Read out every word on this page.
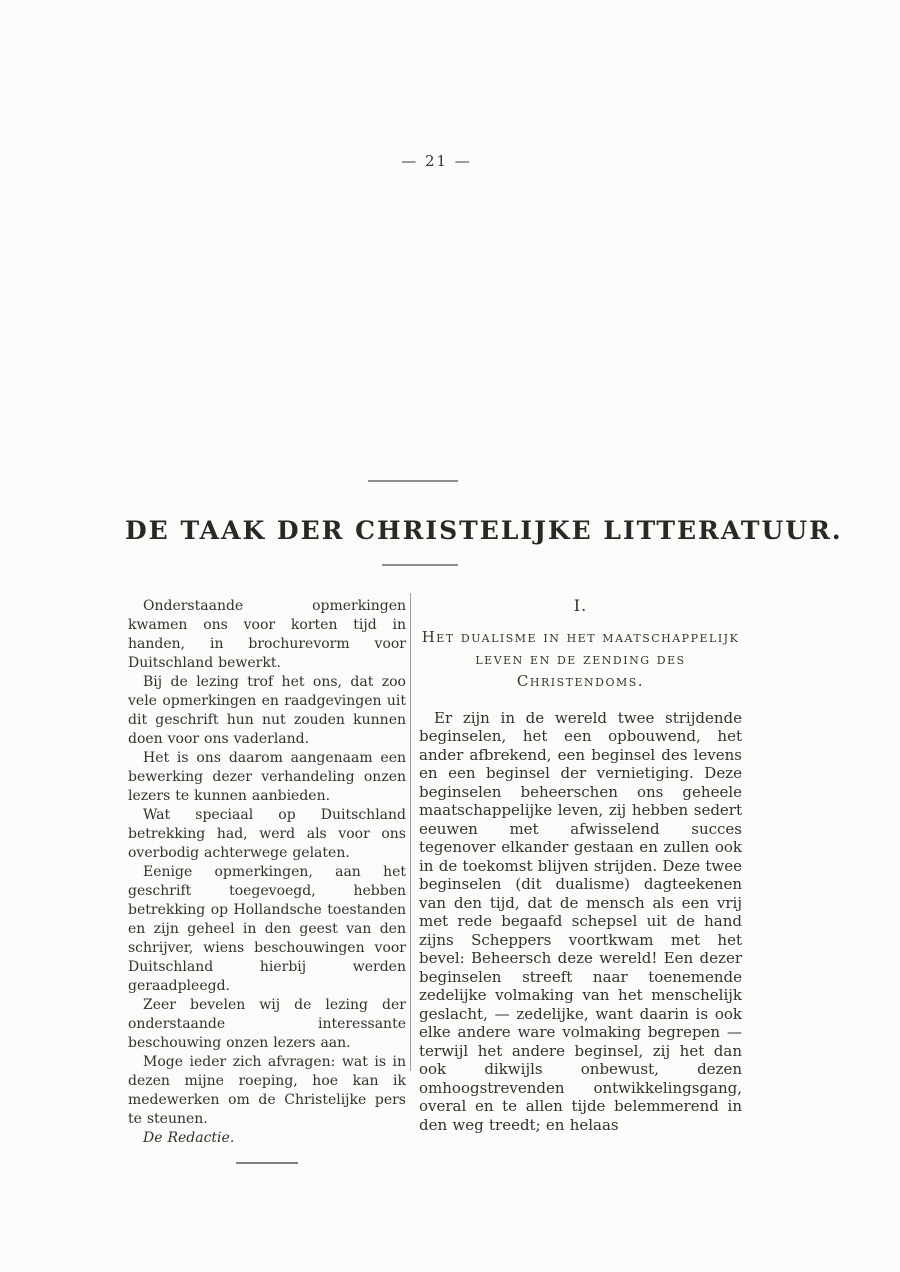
— 21 —
DE TAAK DER CHRISTELIJKE LITTERATUUR.

Onderstaande opmerkingen kwamen ons voor korten tijd in handen, in brochurevorm voor Duitschland bewerkt.

Bij de lezing trof het ons, dat zoo vele opmerkingen en raadgevingen uit dit geschrift hun nut zouden kunnen doen voor ons vaderland.

Het is ons daarom aangenaam een bewerking dezer verhandeling onzen lezers te kunnen aanbieden.

Wat speciaal op Duitschland betrekking had, werd als voor ons overbodig achterwege gelaten.

Eenige opmerkingen, aan het geschrift toegevoegd, hebben betrekking op Hollandsche toestanden en zijn geheel in den geest van den schrijver, wiens beschouwingen voor Duitschland hierbij werden geraadpleegd.

Zeer bevelen wij de lezing der onderstaande interessante beschouwing onzen lezers aan.

Moge ieder zich afvragen: wat is in dezen mijne roeping, hoe kan ik medewerken om de Christelijke pers te steunen.

De Redactie.

I.
Het dualisme in het maatschappelijk
leven en de zending des
Christendoms.

Er zijn in de wereld twee strijdende beginselen, het een opbouwend, het ander afbrekend, een beginsel des levens en een beginsel der vernietiging. Deze beginselen beheerschen ons geheele maatschappelijke leven, zij hebben sedert eeuwen met afwisselend succes tegenover elkander gestaan en zullen ook in de toekomst blijven strijden. Deze twee beginselen (dit dualisme) dagteekenen van den tijd, dat de mensch als een vrij met rede begaafd schepsel uit de hand zijns Scheppers voortkwam met het bevel: Beheersch deze wereld! Een dezer beginselen streeft naar toenemende zedelijke volmaking van het menschelijk geslacht, — zedelijke, want daarin is ook elke andere ware volmaking begrepen — terwijl het andere beginsel, zij het dan ook dikwijls onbewust, dezen omhoogstrevenden ontwikkelingsgang, overal en te allen tijde belemmerend in den weg treedt; en helaas
